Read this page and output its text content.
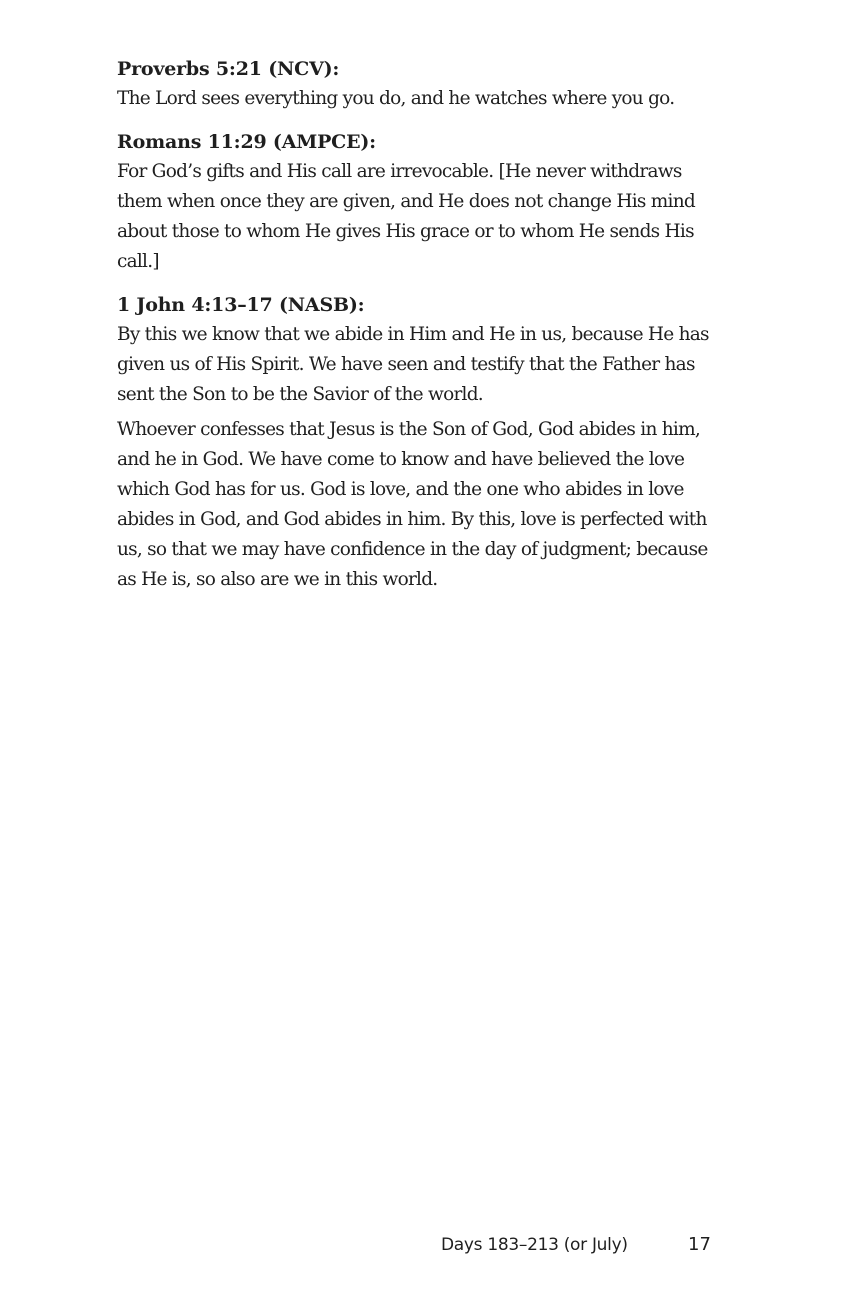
Proverbs 5:21 (NCV):

The Lord sees everything you do, and he watches where you go.

Romans 11:29 (AMPCE):

For God’s gifts and His call are irrevocable. [He never withdraws them when once they are given, and He does not change His mind about those to whom He gives His grace or to whom He sends His call.]

1 John 4:13–17 (NASB):

By this we know that we abide in Him and He in us, because He has given us of His Spirit. We have seen and testify that the Father has sent the Son to be the Savior of the world.

Whoever confesses that Jesus is the Son of God, God abides in him, and he in God. We have come to know and have believed the love which God has for us. God is love, and the one who abides in love abides in God, and God abides in him. By this, love is perfected with us, so that we may have confidence in the day of judgment; because as He is, so also are we in this world.

Days 183–213 (or July)	17
